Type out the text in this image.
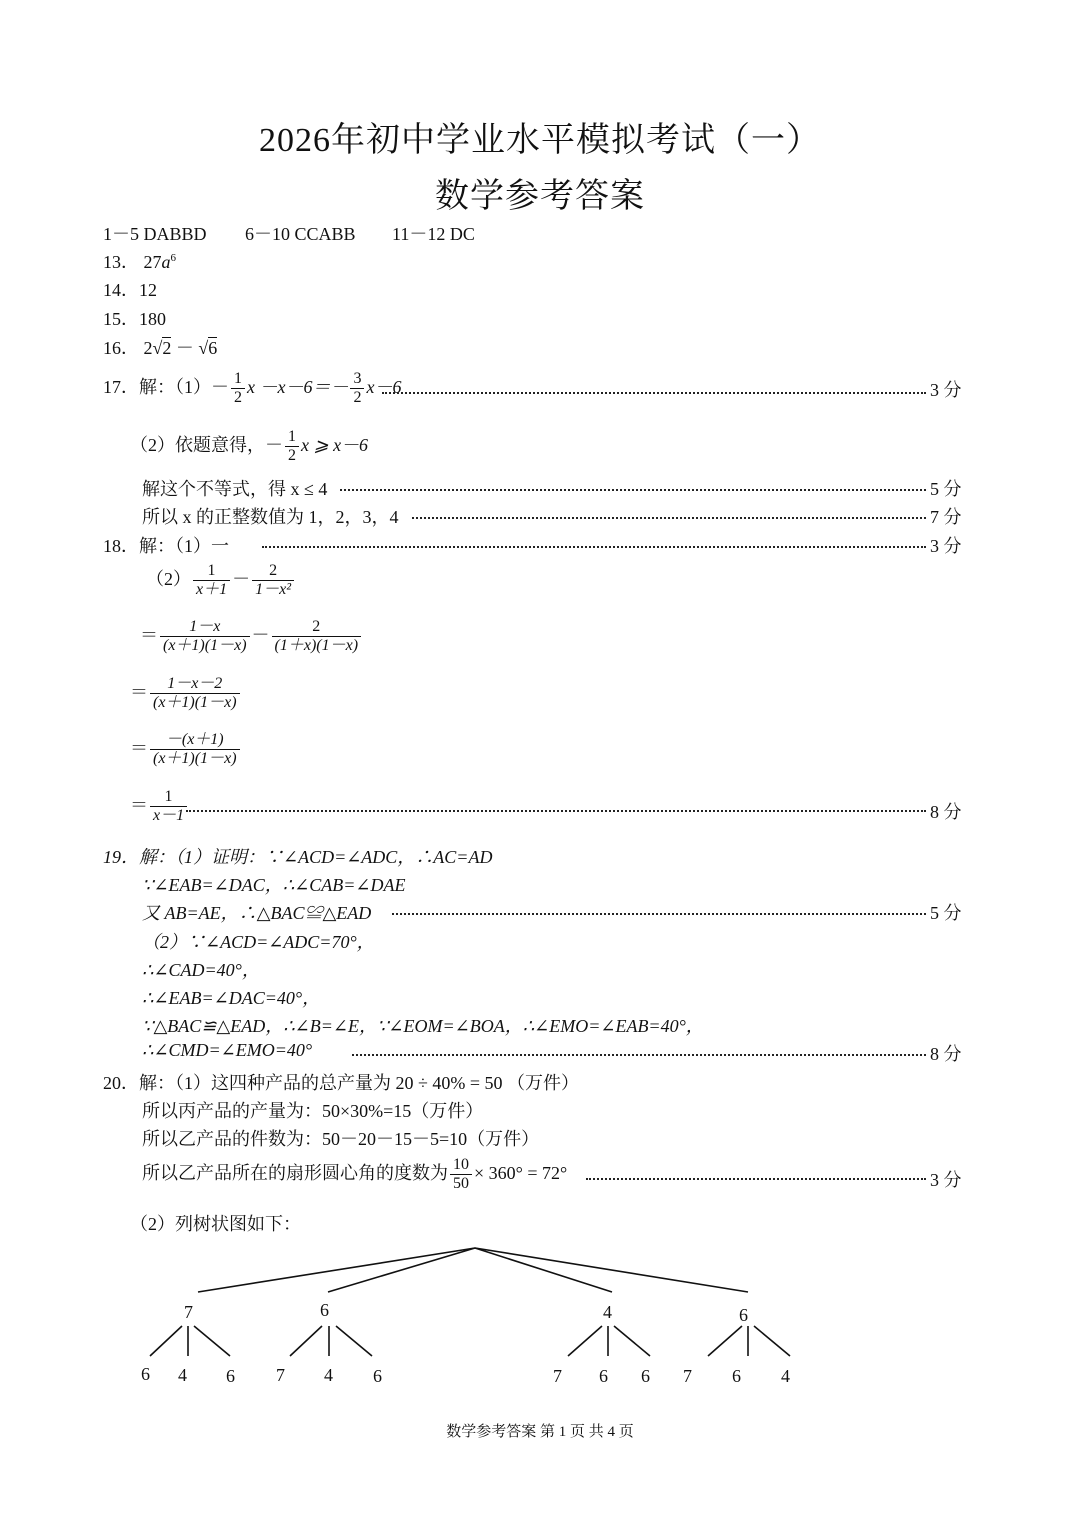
2026年初中学业水平模拟考试（一）
数学参考答案
1－5 DABBD 6－10 CCABB 11－12 DC
13． $27a^6$
14．12
15．180
16． 2√2 － √6
17．解：$(1)- \frac{1}{2}$ $x -x-6=- \frac{3}{2} x-6$	3 分
（2）依题意得，－ $\frac{1}{2}$ x ⩾ x－6
解这个不等式，得 x ≤ 4	5 分
所以 x 的正整数值为 1，2，3，4	7 分
18．解：（1）一	3 分
$(2) \frac{1}{x+1} - \frac{2}{\text{1－x²}}$
＝ $\frac{1-x}{(x+1)(1-x)} - \frac{2}{(1+x)(1-x)}$
＝ $\frac{1-x-2}{(x+1)(1-x)}$
＝ $\frac{-(x+1)}{(x+1)(1-x)}$
＝ $\frac{1}{x-1}$	8 分
19．解：（1）证明：∵∠ACD=∠ADC，∴AC=AD
∵∠EAB=∠DAC，∴∠CAB=∠DAE
又 AB=AE，∴△BAC≌△EAD	5 分
（2）∵∠ACD=∠ADC=70°，
∴∠CAD=40°，
∴∠EAB=∠DAC=40°，
∵△BAC≌△EAD，∴∠B=∠E，∵∠EOM=∠BOA，∴∠EMO=∠EAB=40°，
∴∠CMD=∠EMO=40°	8 分
20．解：（1）这四种产品的总产量为 20 ÷ 40% = 50 （万件）
所以丙产品的产量为：50×30%=15（万件）
所以乙产品的件数为：50－20－15－5=10（万件）
所以乙产品所在的扇形圆心角的度数为 $\frac{10}{50} \times 360^\circ = 72^\circ$	3 分
（2）列树状图如下：
7	6	4	6
6 4 6 7 4 6	7 6 6 7 6 4
数学参考答案 第 1 页 共 4 页
